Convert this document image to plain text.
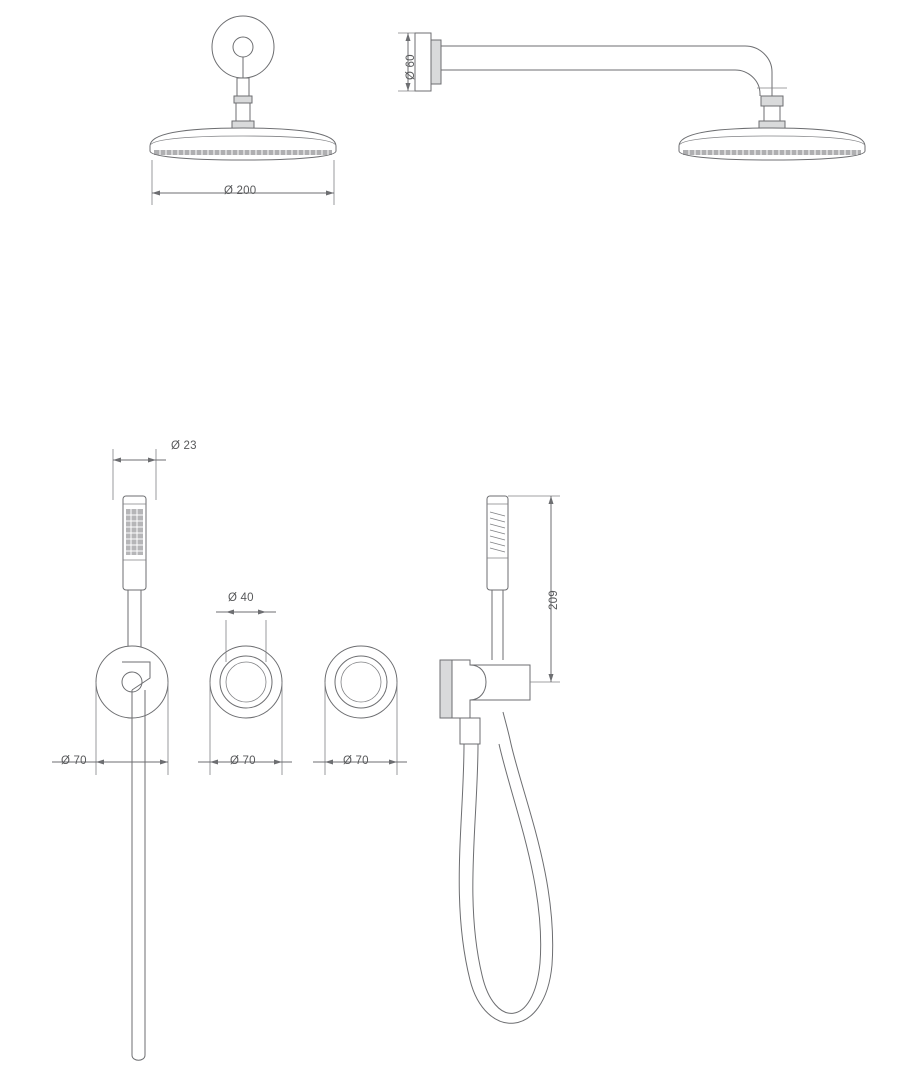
Ø 200
Ø 60
Ø 23
Ø 70
Ø 40
Ø 70	Ø 70
209
